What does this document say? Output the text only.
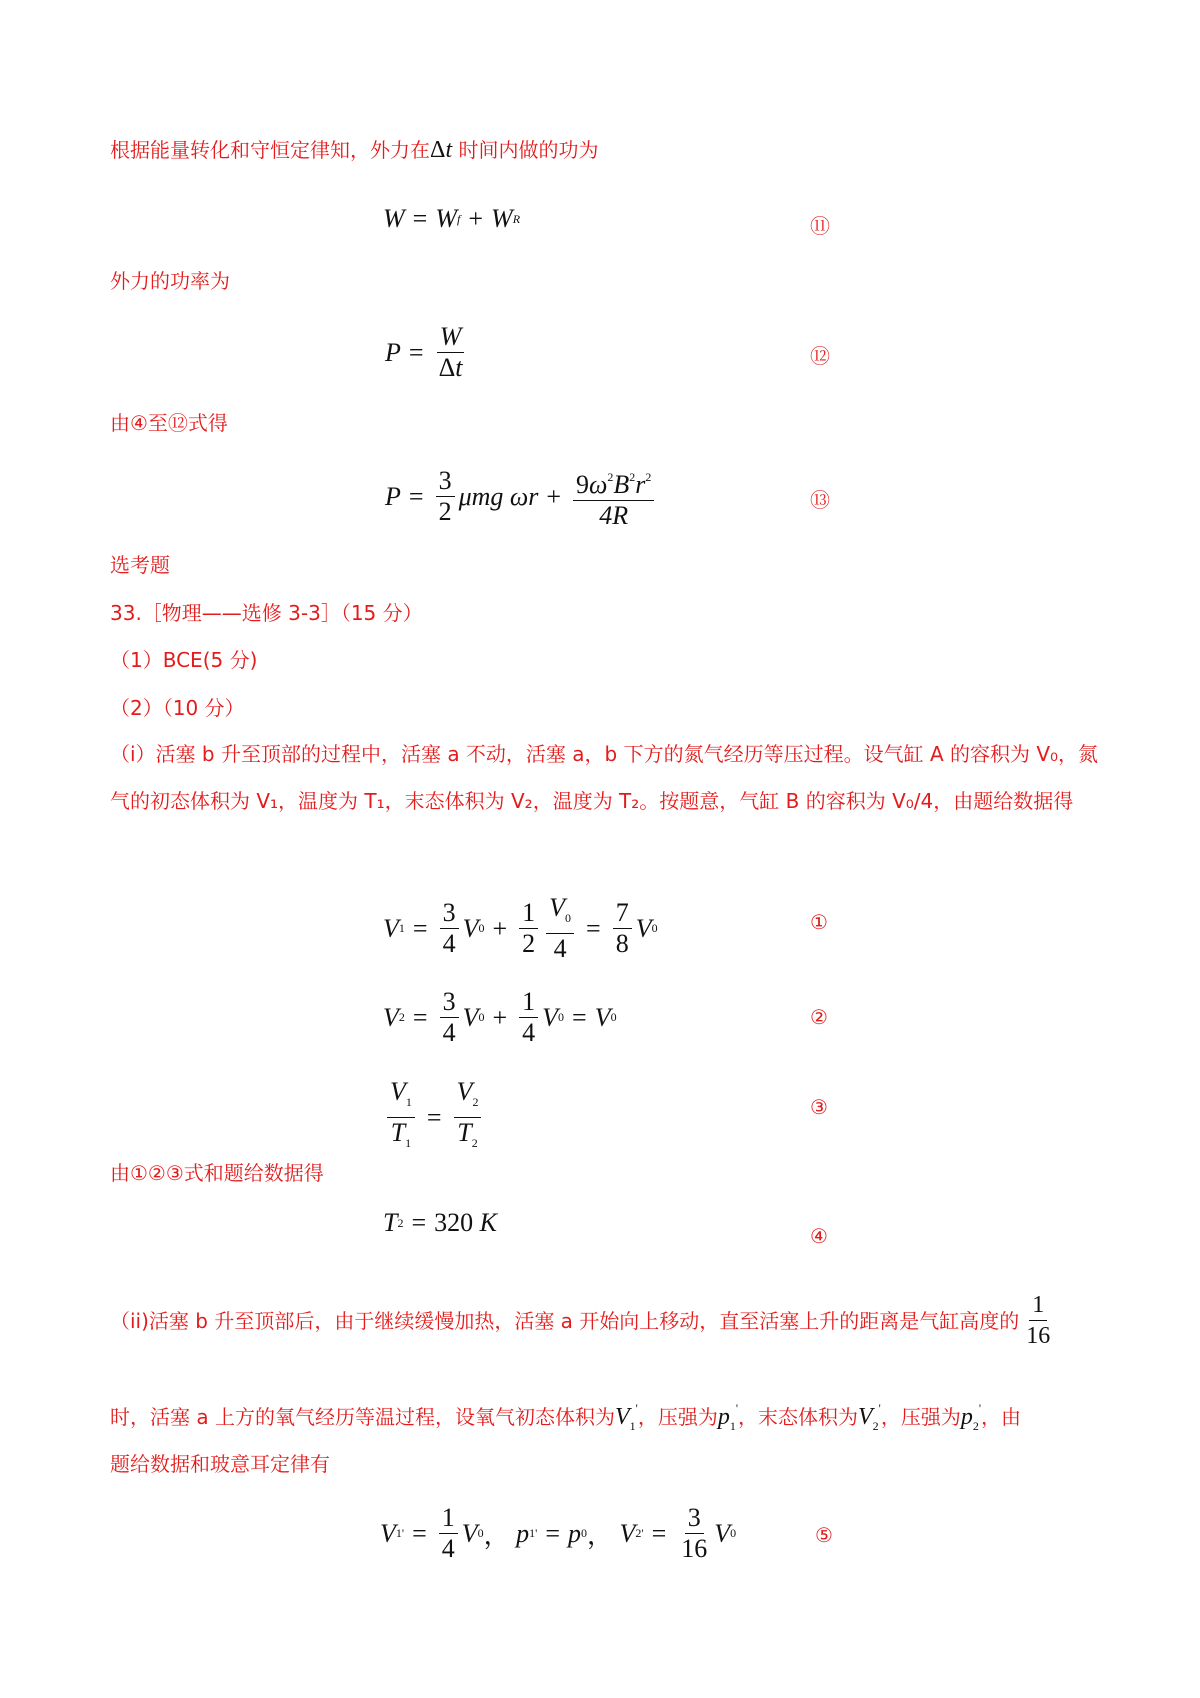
根据能量转化和守恒定律知，外力在Δt 时间内做的功为
W = W f + W R	⑪
外力的功率为
$P = \frac{W}{\Delta t}$	⑫
由④至⑫式得
$P = \frac{3}{2}$ μmg
$\omega r + \frac{9\omega^2B^2r^2}{4R}$	⑬
选考题
33.［物理——选修 3-3］（15 分）
（1）BCE(5 分)
（2）（10 分）
（i）活塞 b 升至顶部的过程中，活塞 a 不动，活塞 a，b 下方的氮气经历等压过程。设气缸 A 的容积为 V₀，氮气的初态体积为 V₁，温度为 T₁，末态体积为 V₂，温度为 T₂。按题意，气缸 B 的容积为 V₀/4，由题给数据得
V $1 = \frac{3}{4}$ V $0 + \frac{1}{2} \frac{V_0}{4} = \frac{7}{8}$ V 0	①
V $2 = \frac{3}{4}$ V $0 + \frac{1}{4}$ V 0 = V 0	②
$\frac{V_1}{T_1} = \frac{V_2}{T_2}$	③
由①②③式和题给数据得
T 2 = 320
K	④
（ii)活塞 b 升至顶部后，由于继续缓慢加热，活塞 a 开始向上移动，直至活塞上升的距离是气缸高度的
1
16
时，活塞 a 上方的氧气经历等温过程，设氧气初态体积为$V_1'$，压强为$p_1'$，末态体积为$V_2'$，压强为$p_2'$，由
题给数据和玻意耳定律有
V 1 ' = $\frac{1}{4}$ V 0 ，
p 1 ' = p 0 ，
V 2 ' = $\frac{3}{16}$ V 0	⑤
